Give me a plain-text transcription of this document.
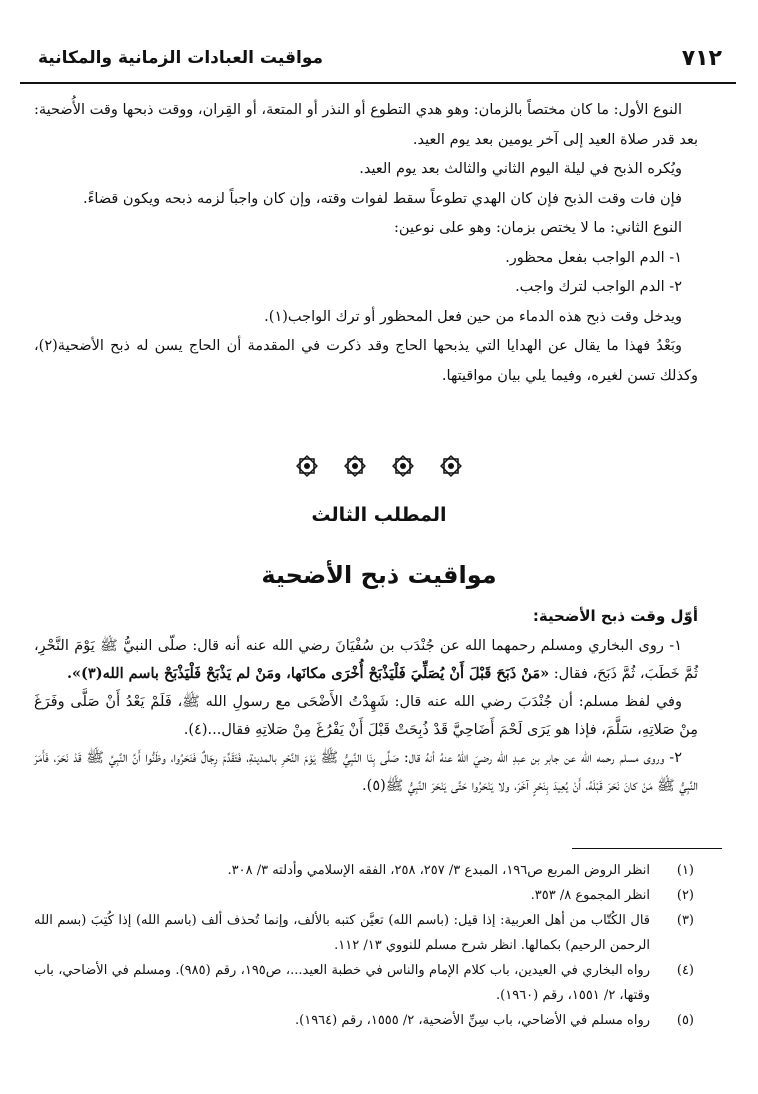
٧١٢
مواقيت العبادات الزمانية والمكانية

النوع الأول: ما كان مختصاً بالزمان: وهو هدي التطوع أو النذر أو المتعة، أو القِران، ووقت ذبحها وقت الأُضحية: بعد قدر صلاة العيد إلى آخر يومين بعد يوم العيد.

ويُكره الذبح في ليلة اليوم الثاني والثالث بعد يوم العيد.

فإن فات وقت الذبح فإن كان الهدي تطوعاً سقط لفوات وقته، وإن كان واجباً لزمه ذبحه ويكون قضاءً.

النوع الثاني: ما لا يختص بزمان: وهو على نوعين:

١- الدم الواجب بفعل محظور.

٢- الدم الواجب لترك واجب.

ويدخل وقت ذبح هذه الدماء من حين فعل المحظور أو ترك الواجب(١).

وبَعْدُ فهذا ما يقال عن الهدايا التي يذبحها الحاج وقد ذكرت في المقدمة أن الحاج يسن له ذبح الأضحية(٢)، وكذلك تسن لغيره، وفيما يلي بيان مواقيتها.

المطلب الثالث
مواقيت ذبح الأضحية

أوّل وقت ذبح الأضحية:

١- روى البخاري ومسلم رحمهما الله عن جُنْدَب بن سُفْيَانَ رضي الله عنه أنه قال: صلّى النبيُّ ﷺ يَوْمَ النَّحْرِ، ثُمَّ خَطَبَ، ثُمَّ ذَبَحَ، فقال: «مَنْ ذَبَحَ قَبْلَ أَنْ يُصَلِّيَ فَلْيَذْبَحْ أُخْرَى مكانَها، ومَنْ لم يَذْبَحْ فَلْيَذْبَحْ باسم الله(٣)».

وفي لفظ مسلم: أن جُنْدَبَ رضي الله عنه قال: شَهِدْتُ الأَضْحَى مع رسولِ الله ﷺ، فَلَمْ يَعْدُ أَنْ صَلَّى وفَرَغَ مِنْ صَلاتِهِ، سَلَّمَ، فإذا هو يَرَى لَحْمَ أَضَاحِيَّ قَدْ ذُبِحَتْ قَبْلَ أَنْ يَفْرُغَ مِنْ صَلاتِهِ فقال...(٤).

٢- وروى مسلم رحمه الله عن جابر بن عبدِ الله رضيَ اللهُ عنهُ أنهُ قال: صَلَّى بِنَا النَّبِيُّ ﷺ يَوْمَ النَّحْرِ بالمدينةِ، فَتَقَدَّمَ رِجَالٌ فَنَحَرُوا، وظَنُّوا أَنَّ النَّبِيَّ ﷺ قَدْ نَحَرَ، فَأَمَرَ النَّبِيُّ ﷺ مَنْ كانَ نَحَرَ قَبْلَهُ، أَنْ يُعِيدَ بِنَحْرٍ آخَرَ، ولا يَنْحَرُوا حَتَّى يَنْحَرَ النَّبِيُّ ﷺ(٥).

(١)
انظر الروض المربع ص١٩٦، المبدع ٣/ ٢٥٧، ٢٥٨، الفقه الإسلامي وأدلته ٣/ ٣٠٨.
(٢)
انظر المجموع ٨/ ٣٥٣.
(٣)
قال الكُتّاب من أهل العربية: إذا قيل: (باسم الله) تعيَّن كتبه بالألف، وإنما تُحذف ألف (باسم الله) إذا كُتِبَ (بسم الله الرحمن الرحيم) بكمالها. انظر شرح مسلم للنووي ١٣/ ١١٢.
(٤)
رواه البخاري في العيدين، باب كلام الإمام والناس في خطبة العيد...، ص١٩٥، رقم (٩٨٥). ومسلم في الأضاحي، باب وقتها، ٢/ ١٥٥١، رقم (١٩٦٠).
(٥)
رواه مسلم في الأضاحي، باب سِنِّ الأضحية، ٢/ ١٥٥٥، رقم (١٩٦٤).
